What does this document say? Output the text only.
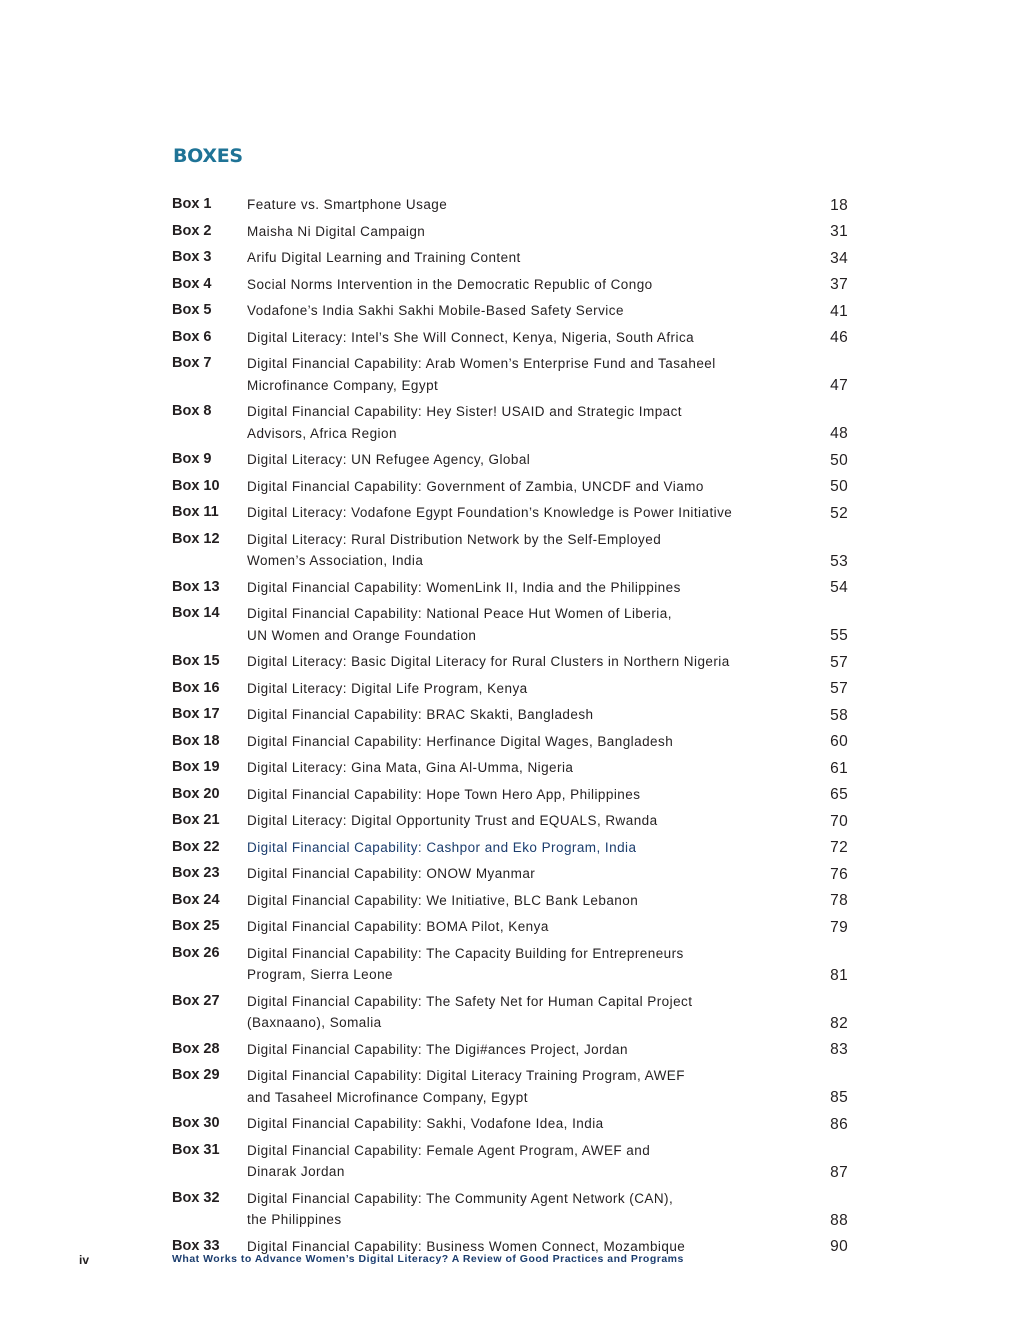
BOXES
Box 1	Feature vs. Smartphone Usage	18
Box 2	Maisha Ni Digital Campaign	31
Box 3	Arifu Digital Learning and Training Content	34
Box 4	Social Norms Intervention in the Democratic Republic of Congo	37
Box 5	Vodafone’s India Sakhi Sakhi Mobile-Based Safety Service	41
Box 6	Digital Literacy: Intel’s She Will Connect, Kenya, Nigeria, South Africa	46
Box 7	Digital Financial Capability: Arab Women’s Enterprise Fund and Tasaheel
Microfinance Company, Egypt	47
Box 8	Digital Financial Capability: Hey Sister! USAID and Strategic Impact
Advisors, Africa Region	48
Box 9	Digital Literacy: UN Refugee Agency, Global	50
Box 10	Digital Financial Capability: Government of Zambia, UNCDF and Viamo	50
Box 11	Digital Literacy: Vodafone Egypt Foundation’s Knowledge is Power Initiative	52
Box 12	Digital Literacy: Rural Distribution Network by the Self-Employed
Women’s Association, India	53
Box 13	Digital Financial Capability: WomenLink II, India and the Philippines	54
Box 14	Digital Financial Capability: National Peace Hut Women of Liberia,
UN Women and Orange Foundation	55
Box 15	Digital Literacy: Basic Digital Literacy for Rural Clusters in Northern Nigeria	57
Box 16	Digital Literacy: Digital Life Program, Kenya	57
Box 17	Digital Financial Capability: BRAC Skakti, Bangladesh	58
Box 18	Digital Financial Capability: Herfinance Digital Wages, Bangladesh	60
Box 19	Digital Literacy: Gina Mata, Gina Al-Umma, Nigeria	61
Box 20	Digital Financial Capability: Hope Town Hero App, Philippines	65
Box 21	Digital Literacy: Digital Opportunity Trust and EQUALS, Rwanda	70
Box 22	Digital Financial Capability: Cashpor and Eko Program, India	72
Box 23	Digital Financial Capability: ONOW Myanmar	76
Box 24	Digital Financial Capability: We Initiative, BLC Bank Lebanon	78
Box 25	Digital Financial Capability: BOMA Pilot, Kenya	79
Box 26	Digital Financial Capability: The Capacity Building for Entrepreneurs
Program, Sierra Leone	81
Box 27	Digital Financial Capability: The Safety Net for Human Capital Project
(Baxnaano), Somalia	82
Box 28	Digital Financial Capability: The Digi#ances Project, Jordan	83
Box 29	Digital Financial Capability: Digital Literacy Training Program, AWEF
and Tasaheel Microfinance Company, Egypt	85
Box 30	Digital Financial Capability: Sakhi, Vodafone Idea, India	86
Box 31	Digital Financial Capability: Female Agent Program, AWEF and
Dinarak Jordan	87
Box 32	Digital Financial Capability: The Community Agent Network (CAN),
the Philippines	88
Box 33	Digital Financial Capability: Business Women Connect, Mozambique	90
iv	What Works to Advance Women’s Digital Literacy? A Review of Good Practices and Programs
